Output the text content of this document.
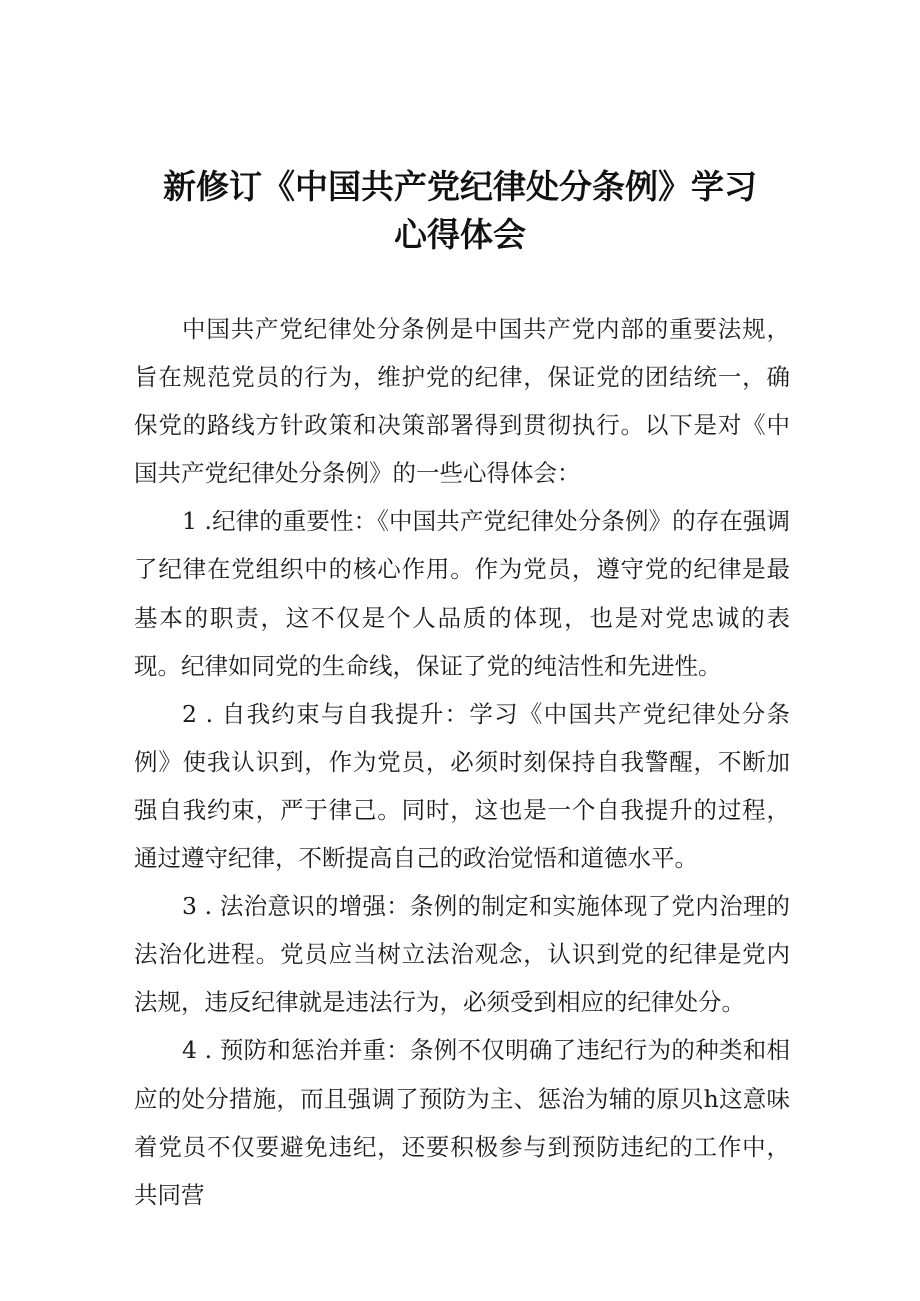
新修订《中国共产党纪律处分条例》学习
心得体会

中国共产党纪律处分条例是中国共产党内部的重要法规，旨在规范党员的行为，维护党的纪律，保证党的团结统一，确保党的路线方针政策和决策部署得到贯彻执行。以下是对《中国共产党纪律处分条例》的一些心得体会：

1 .纪律的重要性：《中国共产党纪律处分条例》的存在强调了纪律在党组织中的核心作用。作为党员，遵守党的纪律是最基本的职责，这不仅是个人品质的体现，也是对党忠诚的表现。纪律如同党的生命线，保证了党的纯洁性和先进性。

2 . 自我约束与自我提升：学习《中国共产党纪律处分条例》使我认识到，作为党员，必须时刻保持自我警醒，不断加强自我约束，严于律己。同时，这也是一个自我提升的过程，通过遵守纪律，不断提高自己的政治觉悟和道德水平。

3 . 法治意识的增强：条例的制定和实施体现了党内治理的法治化进程。党员应当树立法治观念，认识到党的纪律是党内法规，违反纪律就是违法行为，必须受到相应的纪律处分。

4 . 预防和惩治并重：条例不仅明确了违纪行为的种类和相应的处分措施，而且强调了预防为主、惩治为辅的原贝h这意味着党员不仅要避免违纪，还要积极参与到预防违纪的工作中，共同营
